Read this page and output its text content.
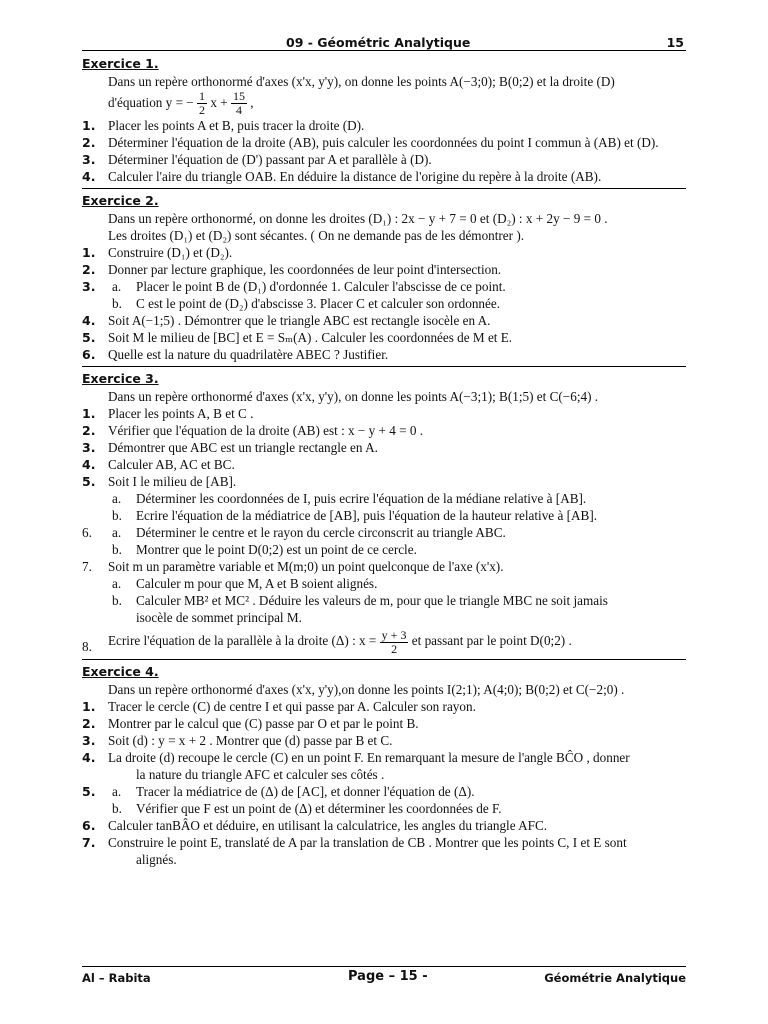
09 - Géométric Analytique	15
Exercice 1.
Dans un repère orthonormé d'axes (x'x, y'y), on donne les points A(−3;0); B(0;2) et la droite (D)
d'équation y = − $\frac{1}{2}$ $x + \frac{15}{4}$ ,
1. Placer les points A et B, puis tracer la droite (D).
2. Déterminer l'équation de la droite (AB), puis calculer les coordonnées du point I commun à (AB) et (D).
3. Déterminer l'équation de (D') passant par A et parallèle à (D).
4. Calculer l'aire du triangle OAB. En déduire la distance de l'origine du repère à la droite (AB).
Exercice 2.
Dans un repère orthonormé, on donne les droites (D₁) : 2x − y + 7 = 0 et (D₂) : x + 2y − 9 = 0 .
Les droites (D₁) et (D₂) sont sécantes. ( On ne demande pas de les démontrer ).
1. Construire (D₁) et (D₂).
2. Donner par lecture graphique, les coordonnées de leur point d'intersection.
3. a. Placer le point B de (D₁) d'ordonnée 1. Calculer l'abscisse de ce point.
b. C est le point de (D₂) d'abscisse 3. Placer C et calculer son ordonnée.
4. Soit A(−1;5) . Démontrer que le triangle ABC est rectangle isocèle en A.
5. Soit M le milieu de [BC] et E = Sₘ(A) . Calculer les coordonnées de M et E.
6. Quelle est la nature du quadrilatère ABEC ? Justifier.
Exercice 3.
Dans un repère orthonormé d'axes (x'x, y'y), on donne les points A(−3;1); B(1;5) et C(−6;4) .
1. Placer les points A, B et C .
2. Vérifier que l'équation de la droite (AB) est : x − y + 4 = 0 .
3. Démontrer que ABC est un triangle rectangle en A.
4. Calculer AB, AC et BC.
5. Soit I le milieu de [AB].
a. Déterminer les coordonnées de I, puis ecrire l'équation de la médiane relative à [AB].
b. Ecrire l'équation de la médiatrice de [AB], puis l'équation de la hauteur relative à [AB].
6. a. Déterminer le centre et le rayon du cercle circonscrit au triangle ABC.
b. Montrer que le point D(0;2) est un point de ce cercle.
7. Soit m un paramètre variable et M(m;0) un point quelconque de l'axe (x'x).
a. Calculer m pour que M, A et B soient alignés.
b. Calculer MB² et MC² . Déduire les valeurs de m, pour que le triangle MBC ne soit jamais
isocèle de sommet principal M.
8. Ecrire l'équation de la parallèle à la droite (Δ) : $x = \frac{y + 3}{2}$ et passant par le point D(0;2) .
Exercice 4.
Dans un repère orthonormé d'axes (x'x, y'y),on donne les points I(2;1); A(4;0); B(0;2) et C(−2;0) .
1. Tracer le cercle (C) de centre I et qui passe par A. Calculer son rayon.
2. Montrer par le calcul que (C) passe par O et par le point B.
3. Soit (d) : y = x + 2 . Montrer que (d) passe par B et C.
4. La droite (d) recoupe le cercle (C) en un point F. En remarquant la mesure de l'angle BĈO , donner
la nature du triangle AFC et calculer ses côtés .
5. a. Tracer la médiatrice de (Δ) de [AC], et donner l'équation de (Δ).
b. Vérifier que F est un point de (Δ) et déterminer les coordonnées de F.
6. Calculer tanBÂO et déduire, en utilisant la calculatrice, les angles du triangle AFC.
7. Construire le point E, translaté de A par la translation de CB . Montrer que les points C, I et E sont
alignés.
Al – Rabita	Page – 15 -	Géométrie Analytique
